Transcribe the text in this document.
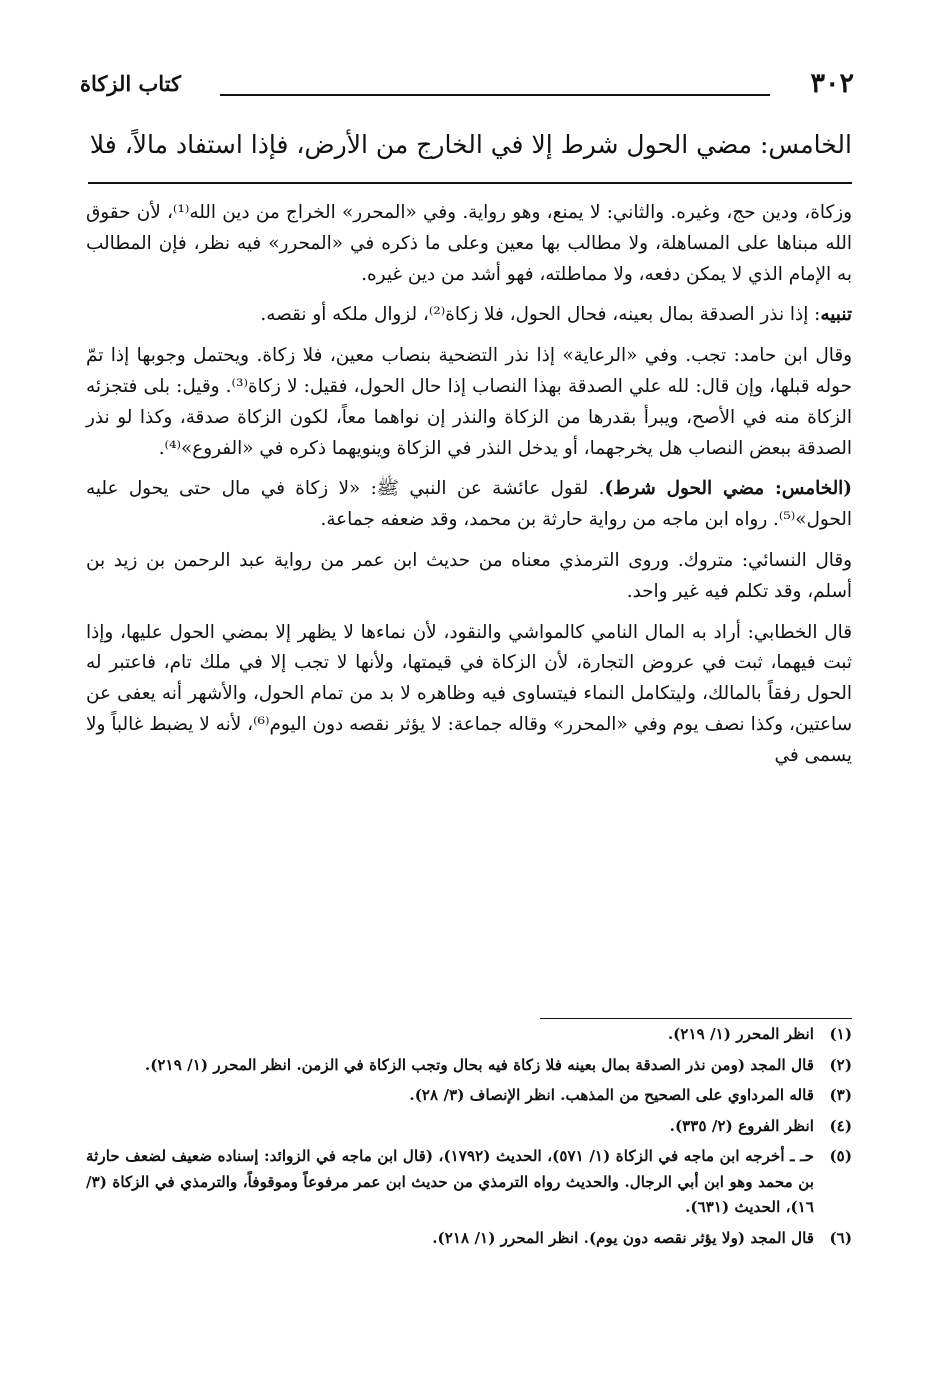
٣٠٢
كتاب الزكاة

الخامس: مضي الحول شرط إلا في الخارج من الأرض، فإذا استفاد مالاً، فلا

وزكاة، ودين حج، وغيره. والثاني: لا يمنع، وهو رواية. وفي «المحرر» الخراج من دين الله⁽¹⁾، لأن حقوق الله مبناها على المساهلة، ولا مطالب بها معين وعلى ما ذكره في «المحرر» فيه نظر، فإن المطالب به الإمام الذي لا يمكن دفعه، ولا مماطلته، فهو أشد من دين غيره.

تنبيه: إذا نذر الصدقة بمال بعينه، فحال الحول، فلا زكاة⁽²⁾، لزوال ملكه أو نقصه.

وقال ابن حامد: تجب. وفي «الرعاية» إذا نذر التضحية بنصاب معين، فلا زكاة. ويحتمل وجوبها إذا تمّ حوله قبلها، وإن قال: لله علي الصدقة بهذا النصاب إذا حال الحول، فقيل: لا زكاة⁽³⁾. وقيل: بلى فتجزئه الزكاة منه في الأصح، ويبرأ بقدرها من الزكاة والنذر إن نواهما معاً، لكون الزكاة صدقة، وكذا لو نذر الصدقة ببعض النصاب هل يخرجهما، أو يدخل النذر في الزكاة وينويهما ذكره في «الفروع»⁽⁴⁾.

(الخامس: مضي الحول شرط). لقول عائشة عن النبي ﷺ: «لا زكاة في مال حتى يحول عليه الحول»⁽⁵⁾. رواه ابن ماجه من رواية حارثة بن محمد، وقد ضعفه جماعة.

وقال النسائي: متروك. وروى الترمذي معناه من حديث ابن عمر من رواية عبد الرحمن بن زيد بن أسلم، وقد تكلم فيه غير واحد.

قال الخطابي: أراد به المال النامي كالمواشي والنقود، لأن نماءها لا يظهر إلا بمضي الحول عليها، وإذا ثبت فيهما، ثبت في عروض التجارة، لأن الزكاة في قيمتها، ولأنها لا تجب إلا في ملك تام، فاعتبر له الحول رفقاً بالمالك، وليتكامل النماء فيتساوى فيه وظاهره لا بد من تمام الحول، والأشهر أنه يعفى عن ساعتين، وكذا نصف يوم وفي «المحرر» وقاله جماعة: لا يؤثر نقصه دون اليوم⁽⁶⁾، لأنه لا يضبط غالباً ولا يسمى في

(١)
انظر المحرر (١/ ٢١٩).
(٢)
قال المجد (ومن نذر الصدقة بمال بعينه فلا زكاة فيه بحال وتجب الزكاة في الزمن. انظر المحرر (١/ ٢١٩).
(٣)
قاله المرداوي على الصحيح من المذهب. انظر الإنصاف (٣/ ٢٨).
(٤)
انظر الفروع (٢/ ٣٣٥).
(٥)
حـ ـ أخرجه ابن ماجه في الزكاة (١/ ٥٧١)، الحديث (١٧٩٢)، (قال ابن ماجه في الزوائد: إسناده ضعيف لضعف حارثة بن محمد وهو ابن أبي الرجال. والحديث رواه الترمذي من حديث ابن عمر مرفوعاً وموقوفاً، والترمذي في الزكاة (٣/ ١٦)، الحديث (٦٣١).
(٦)
قال المجد (ولا يؤثر نقصه دون يوم). انظر المحرر (١/ ٢١٨).
